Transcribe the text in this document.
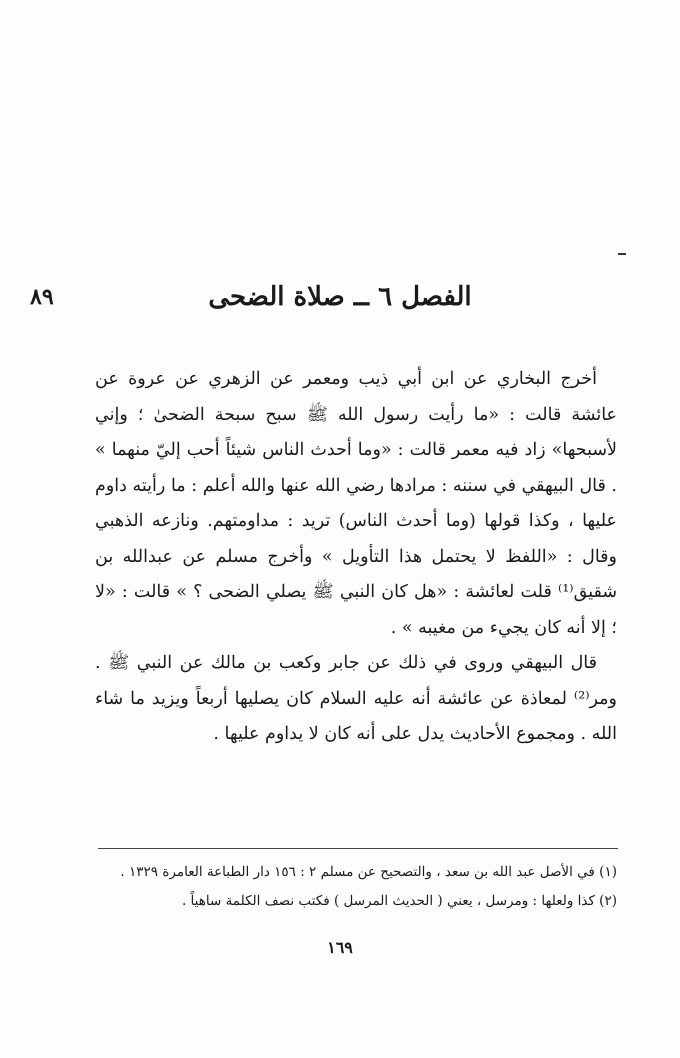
٨٩	الفصل ٦ ــ صلاة الضحى

أخرج البخاري عن ابن أبي ذيب ومعمر عن الزهري عن عروة عن عائشة قالت : «ما رأيت رسول الله ﷺ سبح سبحة الضحىٰ ؛ وإني لأسبحها» زاد فيه معمر قالت : «وما أحدث الناس شيئاً أحب إليّ منهما » . قال البيهقي في سننه : مرادها رضي الله عنها والله أعلم : ما رأيته داوم عليها ، وكذا قولها (وما أحدث الناس) تريد : مداومتهم. ونازعه الذهبي وقال : «اللفظ لا يحتمل هذا التأويل » وأخرج مسلم عن عبدالله بن شقيق⁽¹⁾ قلت لعائشة : «هل كان النبي ﷺ يصلي الضحى ؟ » قالت : «لا ؛ إلا أنه كان يجيء من مغيبه » .

قال البيهقي وروى في ذلك عن جابر وكعب بن مالك عن النبي ﷺ . ومر⁽²⁾ لمعاذة عن عائشة أنه عليه السلام كان يصليها أربعاً ويزيد ما شاء الله . ومجموع الأحاديث يدل على أنه كان لا يداوم عليها .

(١) في الأصل عبد الله بن سعد ، والتصحيح عن مسلم ٢ : ١٥٦ دار الطباعة العامرة ١٣٢٩ .
(٢) كذا ولعلها : ومرسل ، يعني ( الحديث المرسل ) فكتب نصف الكلمة ساهياً .
١٦٩
